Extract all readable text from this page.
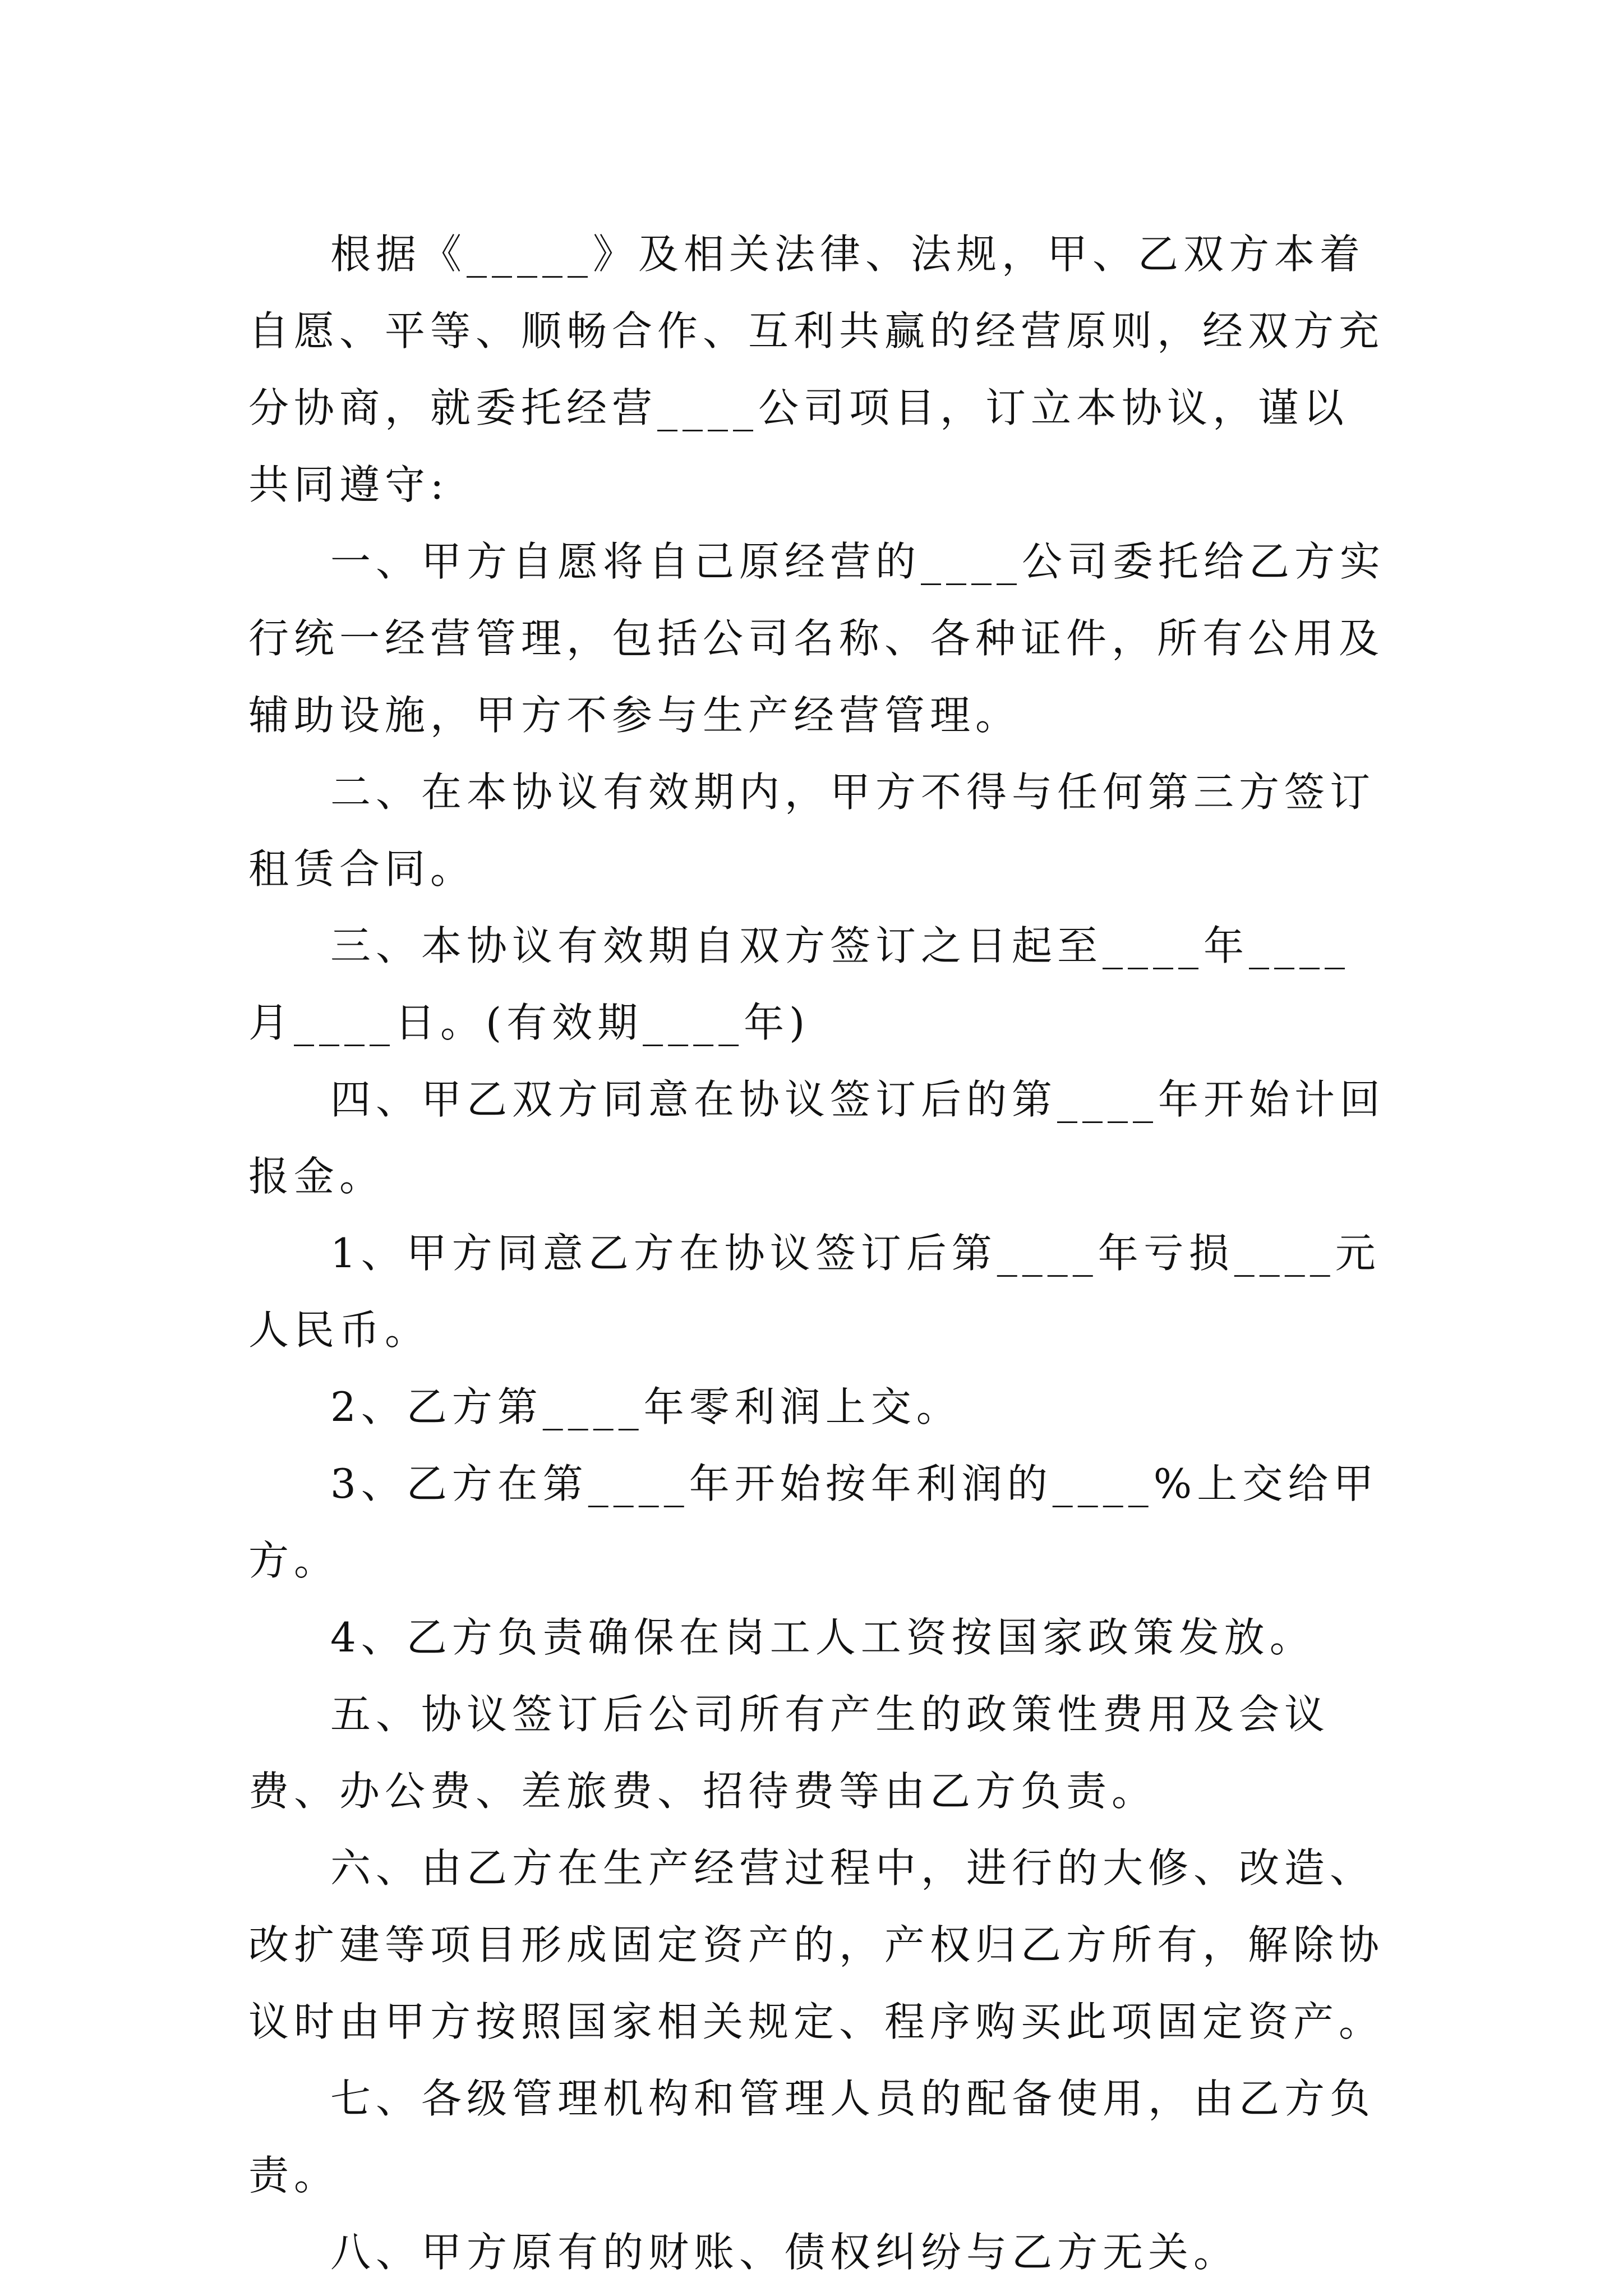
根据《_____》及相关法律、法规，甲、乙双方本着自愿、平等、顺畅合作、互利共赢的经营原则，经双方充分协商，就委托经营____公司项目，订立本协议，谨以共同遵守:

一、甲方自愿将自己原经营的____公司委托给乙方实行统一经营管理，包括公司名称、各种证件，所有公用及辅助设施，甲方不参与生产经营管理。

二、在本协议有效期内，甲方不得与任何第三方签订租赁合同。

三、本协议有效期自双方签订之日起至____年____月____日。(有效期____年)

四、甲乙双方同意在协议签订后的第____年开始计回报金。

1、甲方同意乙方在协议签订后第____年亏损____元人民币。

2、乙方第____年零利润上交。

3、乙方在第____年开始按年利润的____%上交给甲方。

4、乙方负责确保在岗工人工资按国家政策发放。

五、协议签订后公司所有产生的政策性费用及会议费、办公费、差旅费、招待费等由乙方负责。

六、由乙方在生产经营过程中，进行的大修、改造、改扩建等项目形成固定资产的，产权归乙方所有，解除协议时由甲方按照国家相关规定、程序购买此项固定资产。

七、各级管理机构和管理人员的配备使用，由乙方负责。

八、甲方原有的财账、债权纠纷与乙方无关。
